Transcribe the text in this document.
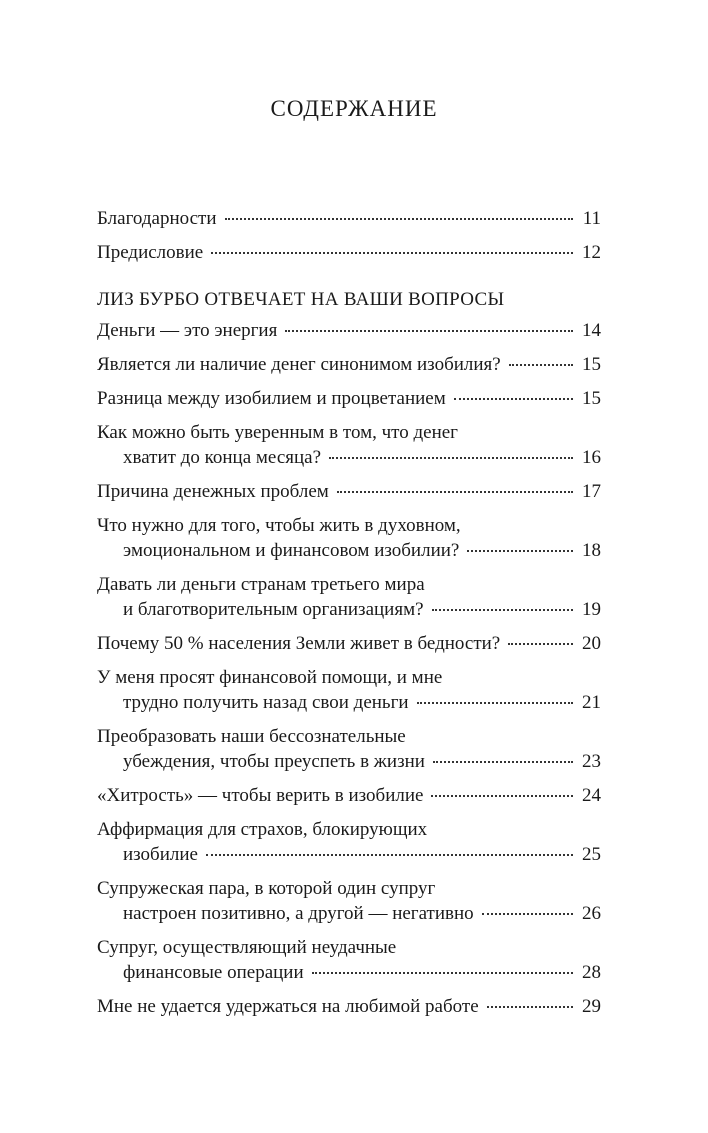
СОДЕРЖАНИЕ
Благодарности	11
Предисловие	12
ЛИЗ БУРБО ОТВЕЧАЕТ НА ВАШИ ВОПРОСЫ
Деньги — это энергия	14
Является ли наличие денег синонимом изобилия?	15
Разница между изобилием и процветанием	15
Как можно быть уверенным в том, что денег
хватит до конца месяца?	16
Причина денежных проблем	17
Что нужно для того, чтобы жить в духовном,
эмоциональном и финансовом изобилии?	18
Давать ли деньги странам третьего мира
и благотворительным организациям?	19
Почему 50 % населения Земли живет в бедности?	20
У меня просят финансовой помощи, и мне
трудно получить назад свои деньги	21
Преобразовать наши бессознательные
убеждения, чтобы преуспеть в жизни	23
«Хитрость» — чтобы верить в изобилие	24
Аффирмация для страхов, блокирующих
изобилие	25
Супружеская пара, в которой один супруг
настроен позитивно, а другой — негативно	26
Супруг, осуществляющий неудачные
финансовые операции	28
Мне не удается удержаться на любимой работе	29
